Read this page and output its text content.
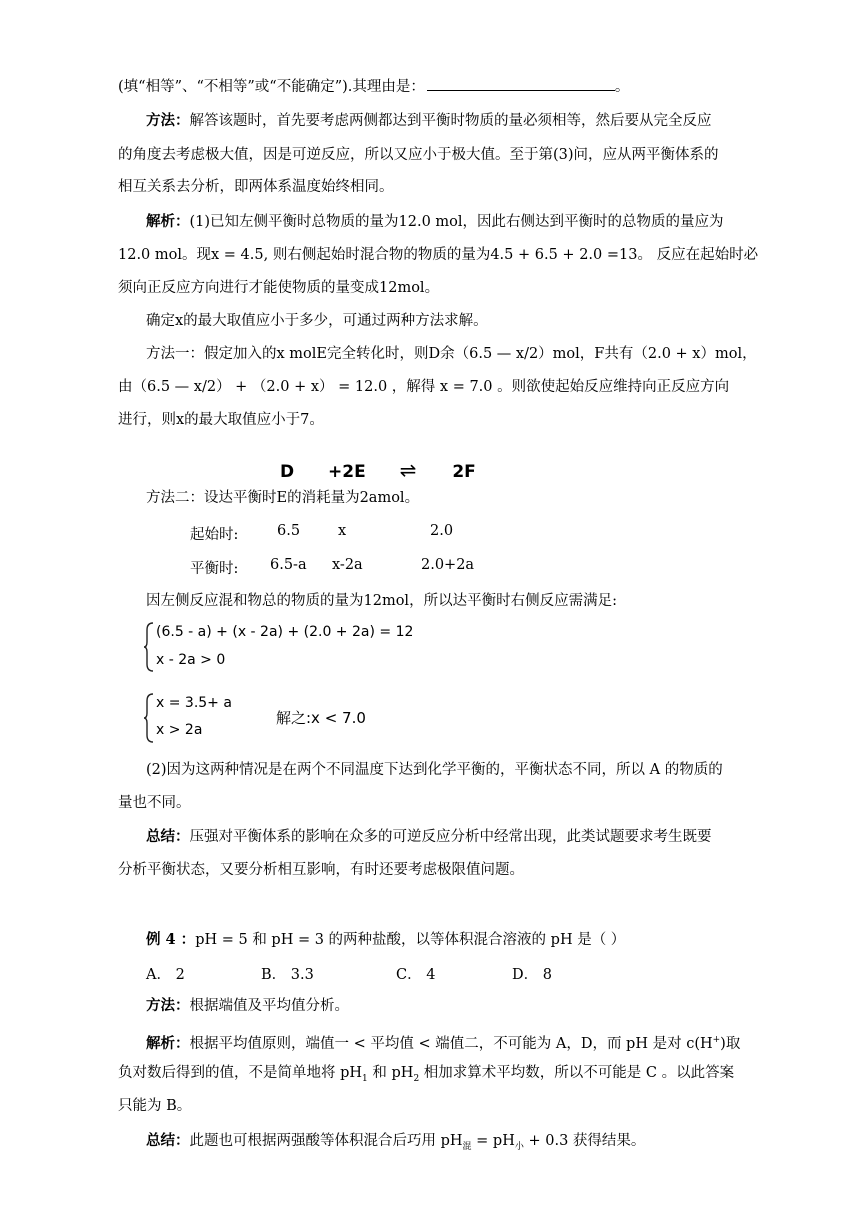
(填“相等”、“不相等”或“不能确定”).其理由是：	。
方法：解答该题时，首先要考虑两侧都达到平衡时物质的量必须相等，然后要从完全反应
的角度去考虑极大值，因是可逆反应，所以又应小于极大值。至于第(3)问，应从两平衡体系的
相互关系去分析，即两体系温度始终相同。
解析：(1)已知左侧平衡时总物质的量为12.0 mol，因此右侧达到平衡时的总物质的量应为
12.0 mol。现x = 4.5, 则右侧起始时混合物的物质的量为4.5 + 6.5 + 2.0 =13。 反应在起始时必
须向正反应方向进行才能使物质的量变成12mol。
确定x的最大取值应小于多少，可通过两种方法求解。
方法一：假定加入的x molE完全转化时，则D余（6.5 — x/2）mol，F共有（2.0 + x）mol，
由（6.5 — x/2） + （2.0 + x） = 12.0 ，解得 x = 7.0 。则欲使起始反应维持向正反应方向
进行，则x的最大取值应小于7。
D +2E ⇌ 2F
方法二：设达平衡时E的消耗量为2amol。
起始时:	6.5	x	2.0
平衡时: 6.5-a x-2a	2.0+2a
因左侧反应混和物总的物质的量为12mol，所以达平衡时右侧反应需满足:
(6.5 - a) + (x - 2a) + (2.0 + 2a) = 12
x - 2a > 0
x = 3.5+ a
x > 2a
解之:x < 7.0
(2)因为这两种情况是在两个不同温度下达到化学平衡的，平衡状态不同，所以 A 的物质的
量也不同。
总结：压强对平衡体系的影响在众多的可逆反应分析中经常出现，此类试题要求考生既要
分析平衡状态，又要分析相互影响，有时还要考虑极限值问题。
例 4 ：pH = 5 和 pH = 3 的两种盐酸，以等体积混合溶液的 pH 是（ ）
A． 2	B． 3.3	C． 4	D． 8
方法：根据端值及平均值分析。
解析：根据平均值原则，端值一 < 平均值 < 端值二，不可能为 A，D，而 pH 是对 c(H+)取
负对数后得到的值，不是简单地将 $pH_1$ 和 $pH_2$ 相加求算术平均数，所以不可能是 C 。以此答案
只能为 B。
总结：此题也可根据两强酸等体积混合后巧用 $pH_混 = pH_小 + 0.3$ 获得结果。
